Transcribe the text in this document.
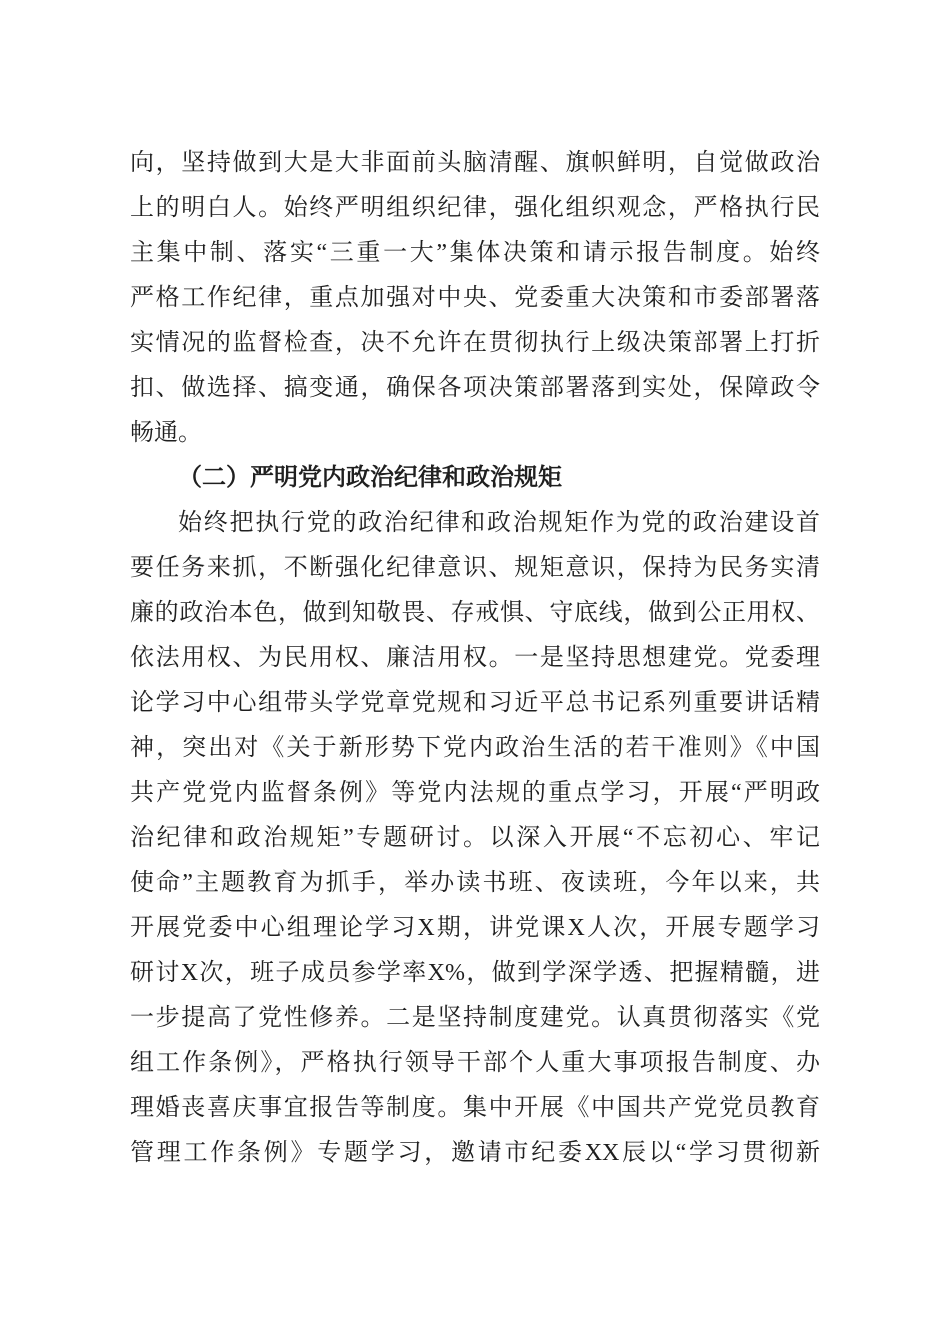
向，坚持做到大是大非面前头脑清醒、旗帜鲜明，自觉做政治
上的明白人。始终严明组织纪律，强化组织观念，严格执行民
主集中制、落实“三重一大”集体决策和请示报告制度。始终
严格工作纪律，重点加强对中央、党委重大决策和市委部署落
实情况的监督检查，决不允许在贯彻执行上级决策部署上打折
扣、做选择、搞变通，确保各项决策部署落到实处，保障政令
畅通。
（二）严明党内政治纪律和政治规矩
始终把执行党的政治纪律和政治规矩作为党的政治建设首
要任务来抓，不断强化纪律意识、规矩意识，保持为民务实清
廉的政治本色，做到知敬畏、存戒惧、守底线，做到公正用权、
依法用权、为民用权、廉洁用权。一是坚持思想建党。党委理
论学习中心组带头学党章党规和习近平总书记系列重要讲话精
神，突出对《关于新形势下党内政治生活的若干准则》《中国
共产党党内监督条例》等党内法规的重点学习，开展“严明政
治纪律和政治规矩”专题研讨。以深入开展“不忘初心、牢记
使命”主题教育为抓手，举办读书班、夜读班，今年以来，共
开展党委中心组理论学习X期，讲党课X人次，开展专题学习
研讨X次，班子成员参学率X%，做到学深学透、把握精髓，进
一步提高了党性修养。二是坚持制度建党。认真贯彻落实《党
组工作条例》，严格执行领导干部个人重大事项报告制度、办
理婚丧喜庆事宜报告等制度。集中开展《中国共产党党员教育
管理工作条例》专题学习，邀请市纪委XX辰以“学习贯彻新
